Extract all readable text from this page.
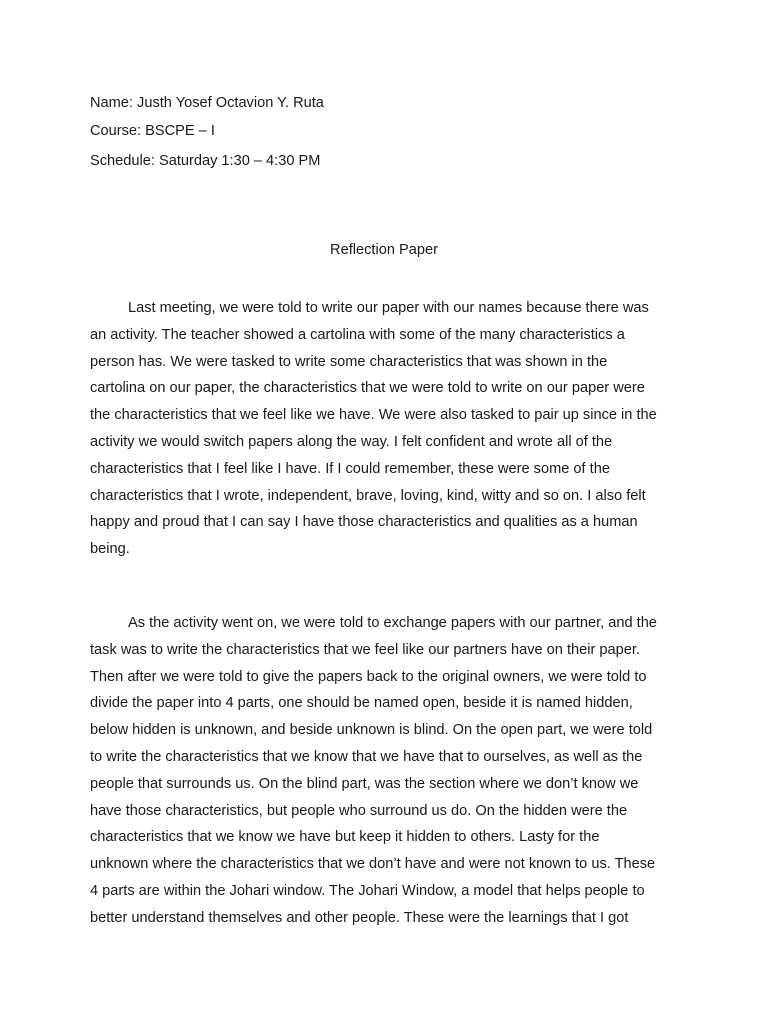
Name: Justh Yosef Octavion Y. Ruta
Course: BSCPE – I
Schedule: Saturday 1:30 – 4:30 PM
Reflection Paper
Last meeting, we were told to write our paper with our names because there was
an activity. The teacher showed a cartolina with some of the many characteristics a
person has. We were tasked to write some characteristics that was shown in the
cartolina on our paper, the characteristics that we were told to write on our paper were
the characteristics that we feel like we have. We were also tasked to pair up since in the
activity we would switch papers along the way. I felt confident and wrote all of the
characteristics that I feel like I have. If I could remember, these were some of the
characteristics that I wrote, independent, brave, loving, kind, witty and so on. I also felt
happy and proud that I can say I have those characteristics and qualities as a human
being.
As the activity went on, we were told to exchange papers with our partner, and the
task was to write the characteristics that we feel like our partners have on their paper.
Then after we were told to give the papers back to the original owners, we were told to
divide the paper into 4 parts, one should be named open, beside it is named hidden,
below hidden is unknown, and beside unknown is blind. On the open part, we were told
to write the characteristics that we know that we have that to ourselves, as well as the
people that surrounds us. On the blind part, was the section where we don’t know we
have those characteristics, but people who surround us do. On the hidden were the
characteristics that we know we have but keep it hidden to others. Lasty for the
unknown where the characteristics that we don’t have and were not known to us. These
4 parts are within the Johari window. The Johari Window, a model that helps people to
better understand themselves and other people. These were the learnings that I got
